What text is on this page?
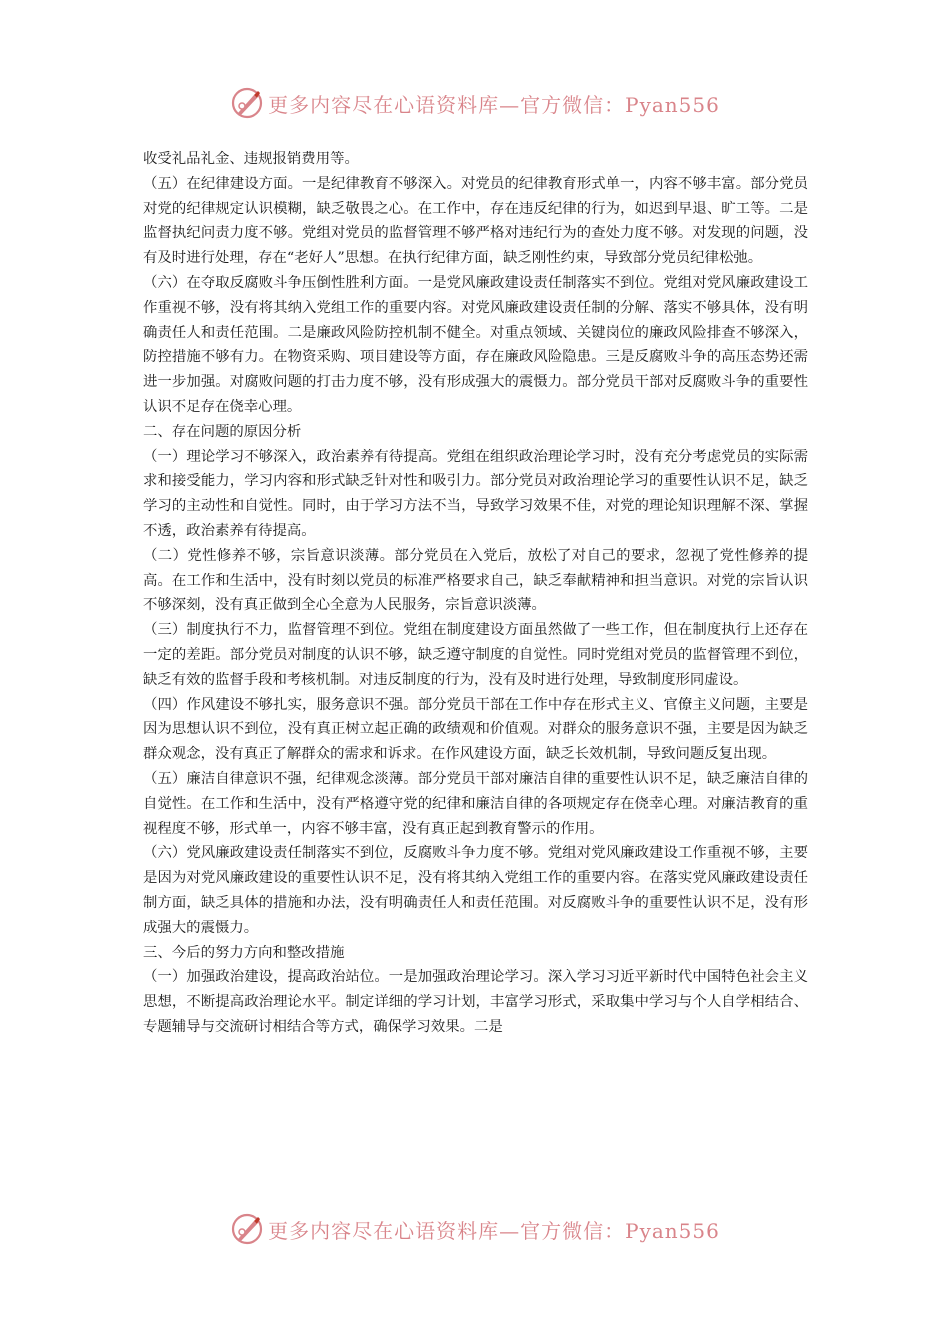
更多内容尽在心语资料库—官方微信：Pyan556

收受礼品礼金、违规报销费用等。

（五）在纪律建设方面。一是纪律教育不够深入。对党员的纪律教育形式单一，内容不够丰富。部分党员对党的纪律规定认识模糊，缺乏敬畏之心。在工作中，存在违反纪律的行为，如迟到早退、旷工等。二是监督执纪问责力度不够。党组对党员的监督管理不够严格对违纪行为的查处力度不够。对发现的问题，没有及时进行处理，存在“老好人”思想。在执行纪律方面，缺乏刚性约束，导致部分党员纪律松弛。

（六）在夺取反腐败斗争压倒性胜利方面。一是党风廉政建设责任制落实不到位。党组对党风廉政建设工作重视不够，没有将其纳入党组工作的重要内容。对党风廉政建设责任制的分解、落实不够具体，没有明确责任人和责任范围。二是廉政风险防控机制不健全。对重点领域、关键岗位的廉政风险排查不够深入，防控措施不够有力。在物资采购、项目建设等方面，存在廉政风险隐患。三是反腐败斗争的高压态势还需进一步加强。对腐败问题的打击力度不够，没有形成强大的震慑力。部分党员干部对反腐败斗争的重要性认识不足存在侥幸心理。

二、存在问题的原因分析

（一）理论学习不够深入，政治素养有待提高。党组在组织政治理论学习时，没有充分考虑党员的实际需求和接受能力，学习内容和形式缺乏针对性和吸引力。部分党员对政治理论学习的重要性认识不足，缺乏学习的主动性和自觉性。同时，由于学习方法不当，导致学习效果不佳，对党的理论知识理解不深、掌握不透，政治素养有待提高。

（二）党性修养不够，宗旨意识淡薄。部分党员在入党后，放松了对自己的要求，忽视了党性修养的提高。在工作和生活中，没有时刻以党员的标准严格要求自己，缺乏奉献精神和担当意识。对党的宗旨认识不够深刻，没有真正做到全心全意为人民服务，宗旨意识淡薄。

（三）制度执行不力，监督管理不到位。党组在制度建设方面虽然做了一些工作，但在制度执行上还存在一定的差距。部分党员对制度的认识不够，缺乏遵守制度的自觉性。同时党组对党员的监督管理不到位，缺乏有效的监督手段和考核机制。对违反制度的行为，没有及时进行处理，导致制度形同虚设。

（四）作风建设不够扎实，服务意识不强。部分党员干部在工作中存在形式主义、官僚主义问题，主要是因为思想认识不到位，没有真正树立起正确的政绩观和价值观。对群众的服务意识不强，主要是因为缺乏群众观念，没有真正了解群众的需求和诉求。在作风建设方面，缺乏长效机制，导致问题反复出现。

（五）廉洁自律意识不强，纪律观念淡薄。部分党员干部对廉洁自律的重要性认识不足，缺乏廉洁自律的自觉性。在工作和生活中，没有严格遵守党的纪律和廉洁自律的各项规定存在侥幸心理。对廉洁教育的重视程度不够，形式单一，内容不够丰富，没有真正起到教育警示的作用。

（六）党风廉政建设责任制落实不到位，反腐败斗争力度不够。党组对党风廉政建设工作重视不够，主要是因为对党风廉政建设的重要性认识不足，没有将其纳入党组工作的重要内容。在落实党风廉政建设责任制方面，缺乏具体的措施和办法，没有明确责任人和责任范围。对反腐败斗争的重要性认识不足，没有形成强大的震慑力。

三、今后的努力方向和整改措施

（一）加强政治建设，提高政治站位。一是加强政治理论学习。深入学习习近平新时代中国特色社会主义思想，不断提高政治理论水平。制定详细的学习计划，丰富学习形式，采取集中学习与个人自学相结合、专题辅导与交流研讨相结合等方式，确保学习效果。二是

更多内容尽在心语资料库—官方微信：Pyan556
